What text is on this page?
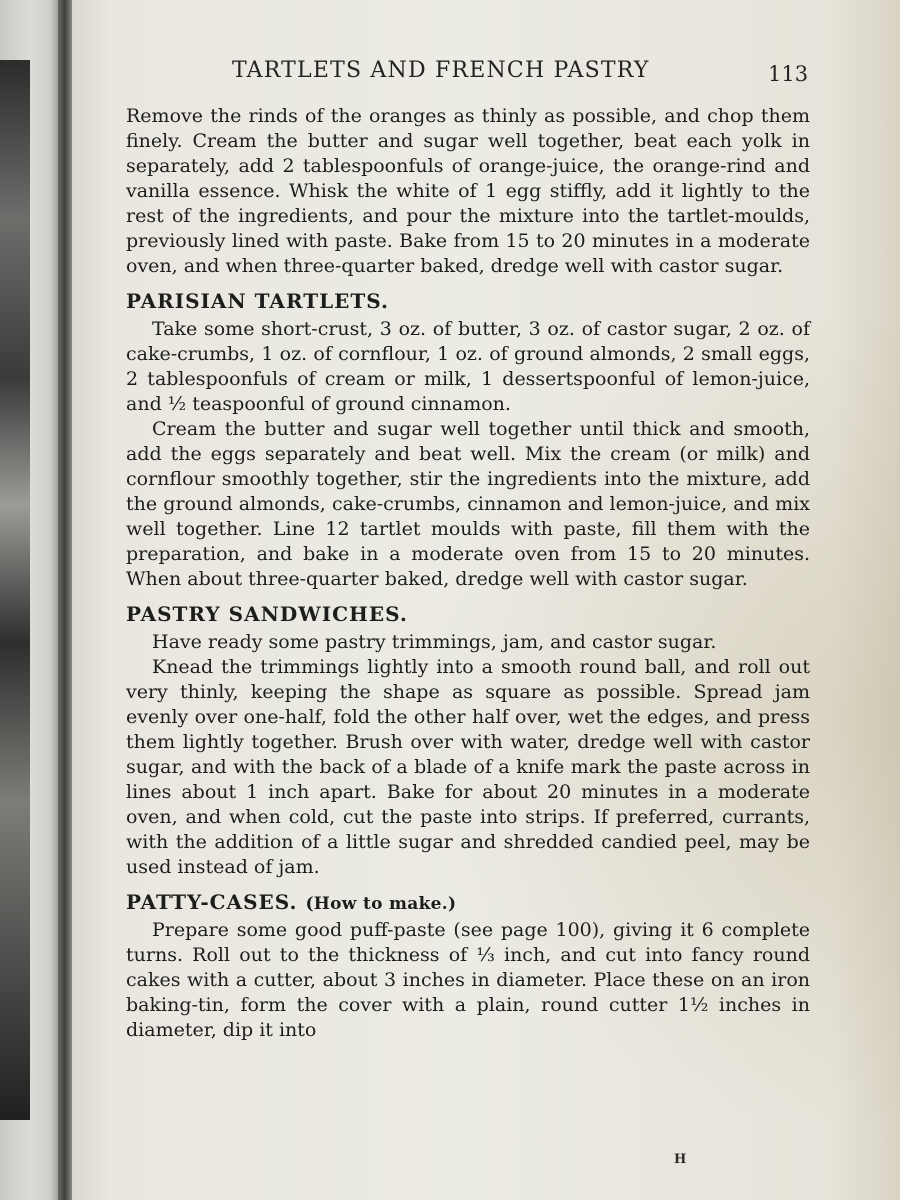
TARTLETS AND FRENCH PASTRY	113

Remove the rinds of the oranges as thinly as possible, and chop them finely. Cream the butter and sugar well together, beat each yolk in separately, add 2 tablespoonfuls of orange-juice, the orange-rind and vanilla essence. Whisk the white of 1 egg stiffly, add it lightly to the rest of the ingredients, and pour the mixture into the tartlet-moulds, previously lined with paste. Bake from 15 to 20 minutes in a moderate oven, and when three-quarter baked, dredge well with castor sugar.

PARISIAN TARTLETS.

Take some short-crust, 3 oz. of butter, 3 oz. of castor sugar, 2 oz. of cake-crumbs, 1 oz. of cornflour, 1 oz. of ground almonds, 2 small eggs, 2 tablespoonfuls of cream or milk, 1 dessertspoonful of lemon-juice, and ½ teaspoonful of ground cinnamon.

Cream the butter and sugar well together until thick and smooth, add the eggs separately and beat well. Mix the cream (or milk) and cornflour smoothly together, stir the ingredients into the mixture, add the ground almonds, cake-crumbs, cinnamon and lemon-juice, and mix well together. Line 12 tartlet moulds with paste, fill them with the preparation, and bake in a moderate oven from 15 to 20 minutes. When about three-quarter baked, dredge well with castor sugar.

PASTRY SANDWICHES.

Have ready some pastry trimmings, jam, and castor sugar.

Knead the trimmings lightly into a smooth round ball, and roll out very thinly, keeping the shape as square as possible. Spread jam evenly over one-half, fold the other half over, wet the edges, and press them lightly together. Brush over with water, dredge well with castor sugar, and with the back of a blade of a knife mark the paste across in lines about 1 inch apart. Bake for about 20 minutes in a moderate oven, and when cold, cut the paste into strips. If preferred, currants, with the addition of a little sugar and shredded candied peel, may be used instead of jam.

PATTY-CASES. (How to make.)

Prepare some good puff-paste (see page 100), giving it 6 complete turns. Roll out to the thickness of ⅓ inch, and cut into fancy round cakes with a cutter, about 3 inches in diameter. Place these on an iron baking-tin, form the cover with a plain, round cutter 1½ inches in diameter, dip it into

H
